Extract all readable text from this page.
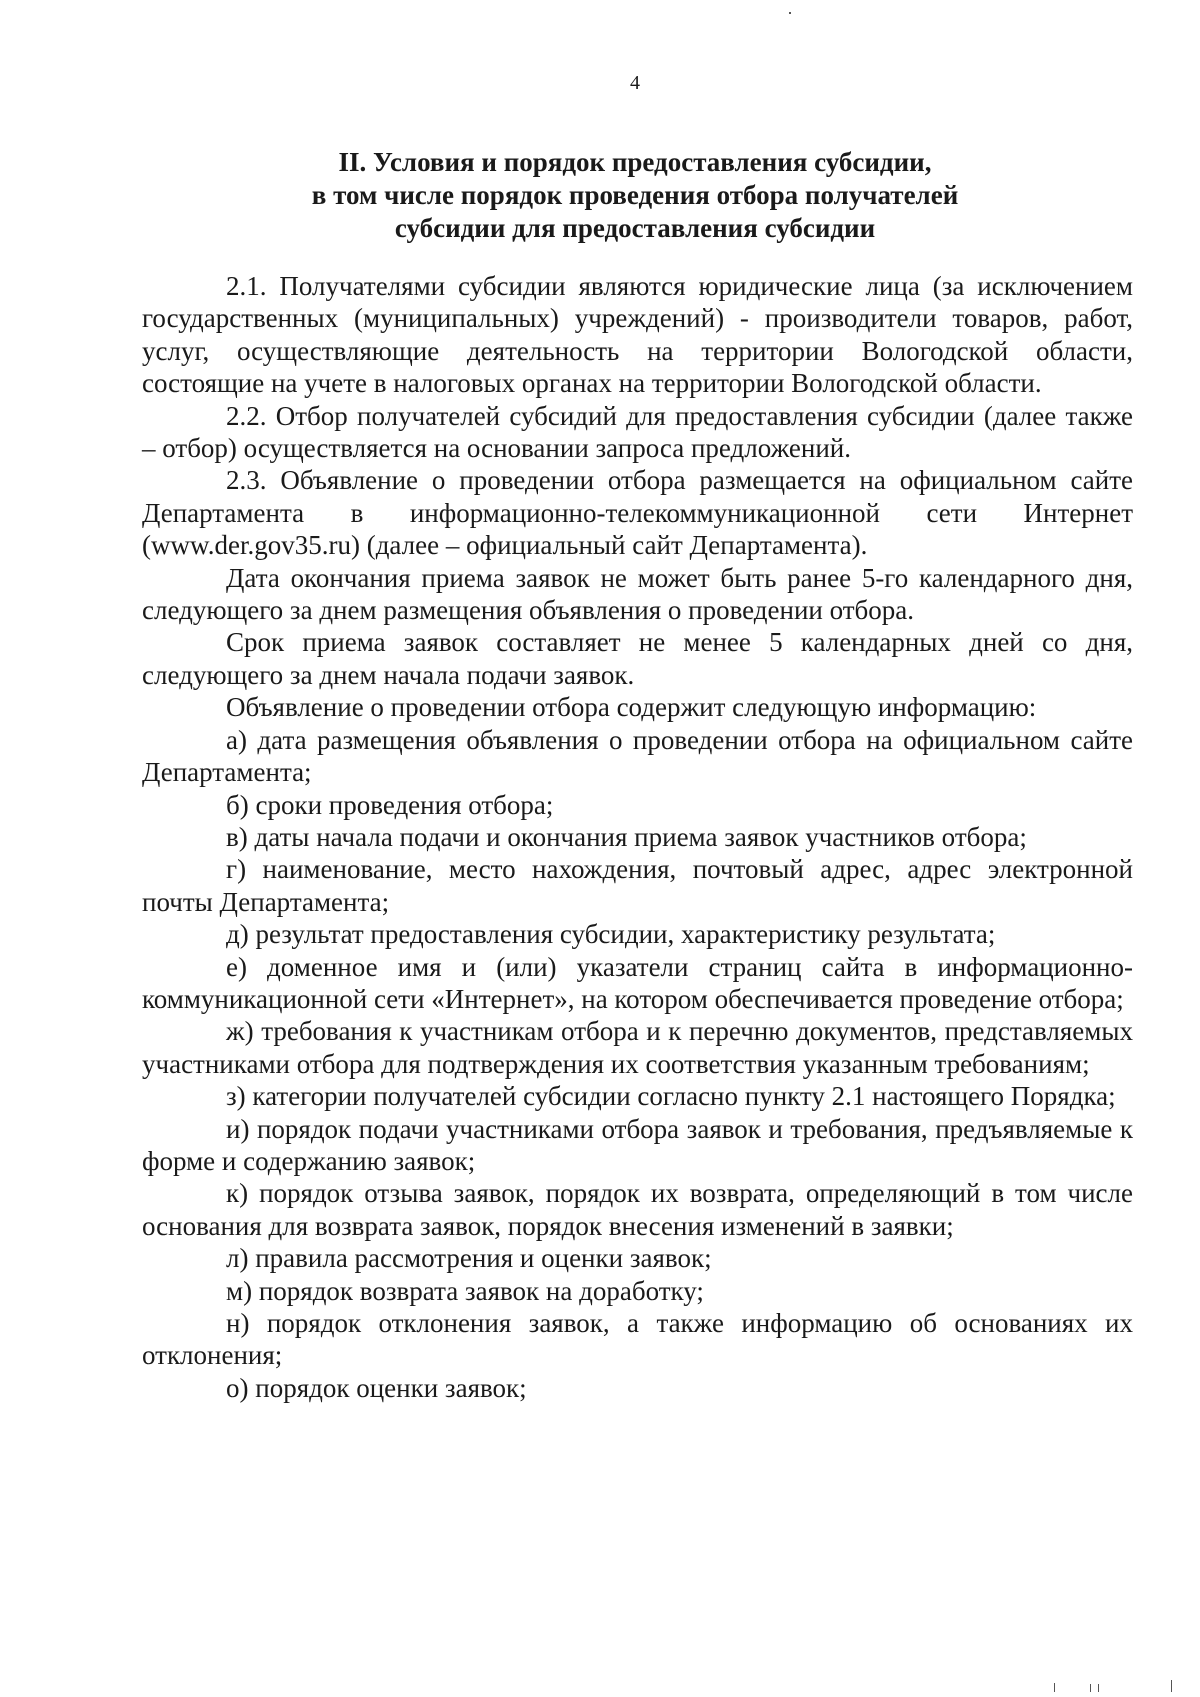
4
II. Условия и порядок предоставления субсидии,
в том числе порядок проведения отбора получателей
субсидии для предоставления субсидии

2.1. Получателями субсидии являются юридические лица (за исключением государственных (муниципальных) учреждений) - производители товаров, работ, услуг, осуществляющие деятельность на территории Вологодской области, состоящие на учете в налоговых органах на территории Вологодской области.

2.2. Отбор получателей субсидий для предоставления субсидии (далее также – отбор) осуществляется на основании запроса предложений.

2.3. Объявление о проведении отбора размещается на официальном сайте Департамента в информационно-телекоммуникационной сети Интернет (www.der.gov35.ru) (далее – официальный сайт Департамента).

Дата окончания приема заявок не может быть ранее 5-го календарного дня, следующего за днем размещения объявления о проведении отбора.

Срок приема заявок составляет не менее 5 календарных дней со дня, следующего за днем начала подачи заявок.

Объявление о проведении отбора содержит следующую информацию:

а) дата размещения объявления о проведении отбора на официальном сайте Департамента;

б) сроки проведения отбора;

в) даты начала подачи и окончания приема заявок участников отбора;

г) наименование, место нахождения, почтовый адрес, адрес электронной почты Департамента;

д) результат предоставления субсидии, характеристику результата;

е) доменное имя и (или) указатели страниц сайта в информационно-коммуникационной сети «Интернет», на котором обеспечивается проведение отбора;

ж) требования к участникам отбора и к перечню документов, представляемых участниками отбора для подтверждения их соответствия указанным требованиям;

з) категории получателей субсидии согласно пункту 2.1 настоящего Порядка;

и) порядок подачи участниками отбора заявок и требования, предъявляемые к форме и содержанию заявок;

к) порядок отзыва заявок, порядок их возврата, определяющий в том числе основания для возврата заявок, порядок внесения изменений в заявки;

л) правила рассмотрения и оценки заявок;

м) порядок возврата заявок на доработку;

н) порядок отклонения заявок, а также информацию об основаниях их отклонения;

о) порядок оценки заявок;
